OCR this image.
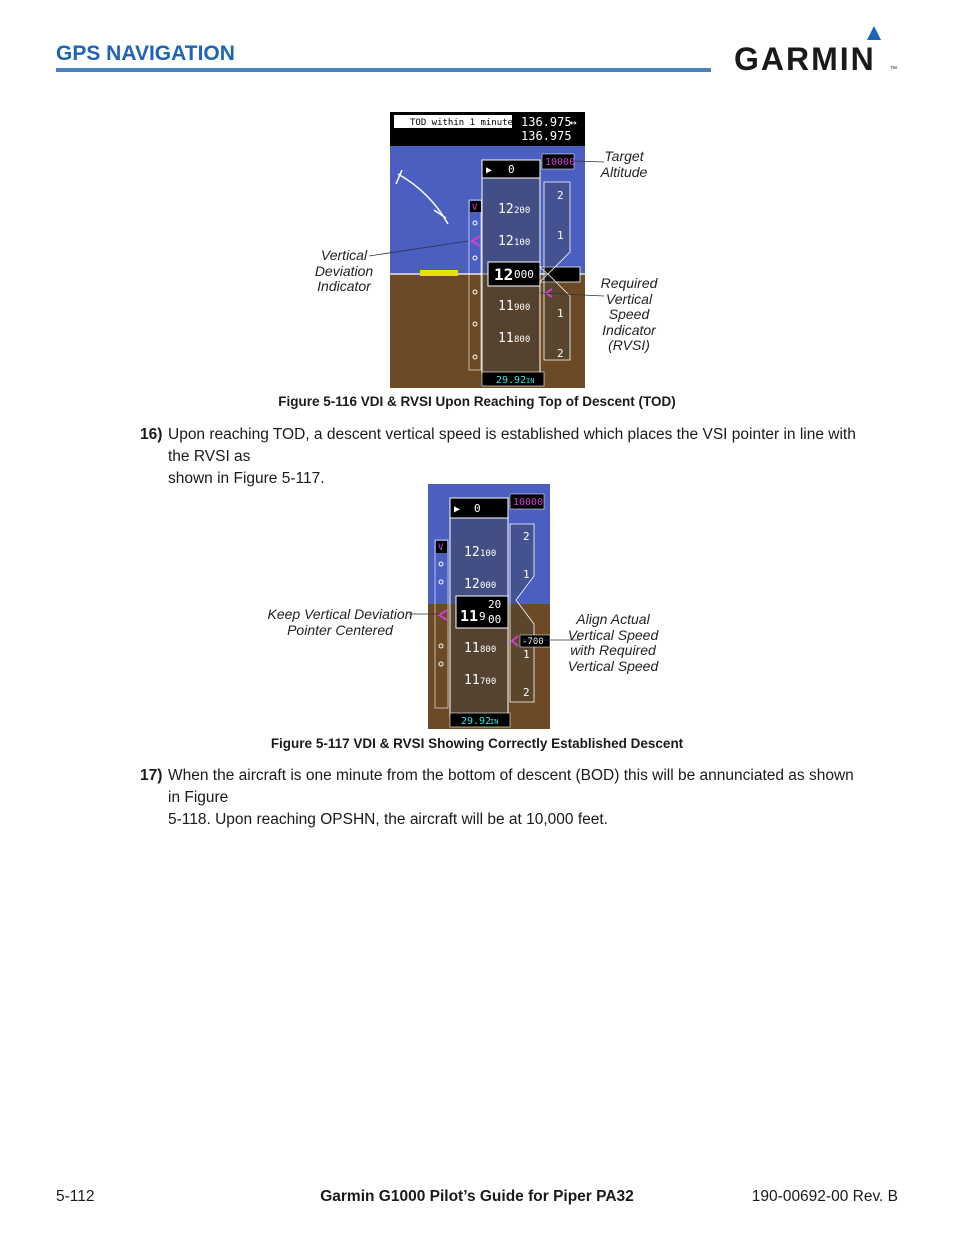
GPS NAVIGATION	GARMIN ™
TOD within 1 minute 136.975
↔
136.975
▶ 0
10000
12 200
12 100
11 900
11 800
12 000
V
2
1
1
2
29.92 IN
Target
Altitude
Vertical
Deviation
Indicator	Required
Vertical
Speed
Indicator
(RVSI)
Figure 5-116 VDI & RVSI Upon Reaching Top of Descent (TOD)
16) Upon reaching TOD, a descent vertical speed is established which places the VSI pointer in line with the RVSI as
shown in Figure 5-117.
▶ 0	10000
12 100
12 000
11 800
11 700
11 9
20
00
V
2
1
1
2
-700
29.92
IN
Keep Vertical Deviation
Pointer Centered
Align Actual
Vertical Speed
with Required
Vertical Speed
Figure 5-117 VDI & RVSI Showing Correctly Established Descent
17) When the aircraft is one minute from the bottom of descent (BOD) this will be annunciated as shown in Figure
5-118. Upon reaching OPSHN, the aircraft will be at 10,000 feet.
Garmin G1000 Pilot’s Guide for Piper PA32
5-112	190-00692-00 Rev. B
